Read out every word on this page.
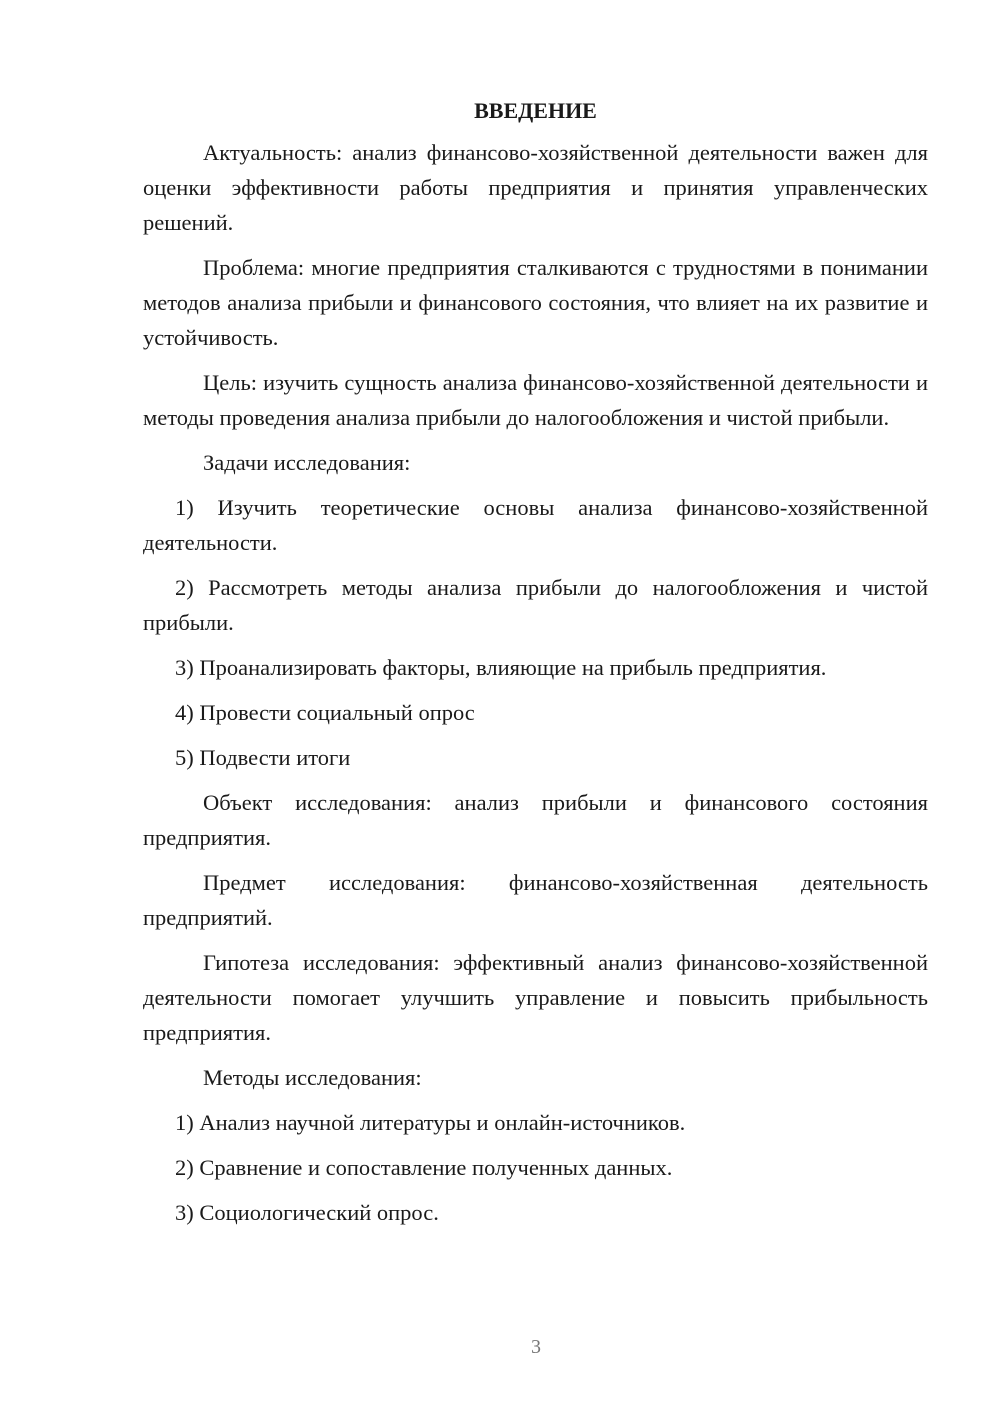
ВВЕДЕНИЕ

Актуальность: анализ финансово-хозяйственной деятельности важен для оценки эффективности работы предприятия и принятия управленческих решений.

Проблема: многие предприятия сталкиваются с трудностями в понимании методов анализа прибыли и финансового состояния, что влияет на их развитие и устойчивость.

Цель: изучить сущность анализа финансово-хозяйственной деятельности и методы проведения анализа прибыли до налогообложения и чистой прибыли.

Задачи исследования:

1) Изучить теоретические основы анализа финансово-хозяйственной деятельности.

2) Рассмотреть методы анализа прибыли до налогообложения и чистой прибыли.

3) Проанализировать факторы, влияющие на прибыль предприятия.

4) Провести социальный опрос

5) Подвести итоги

Объект исследования: анализ прибыли и финансового состояния предприятия.

Предмет исследования: финансово-хозяйственная деятельность предприятий.

Гипотеза исследования: эффективный анализ финансово-хозяйственной деятельности помогает улучшить управление и повысить прибыльность предприятия.

Методы исследования:

1) Анализ научной литературы и онлайн-источников.

2) Сравнение и сопоставление полученных данных.

3) Социологический опрос.

3
